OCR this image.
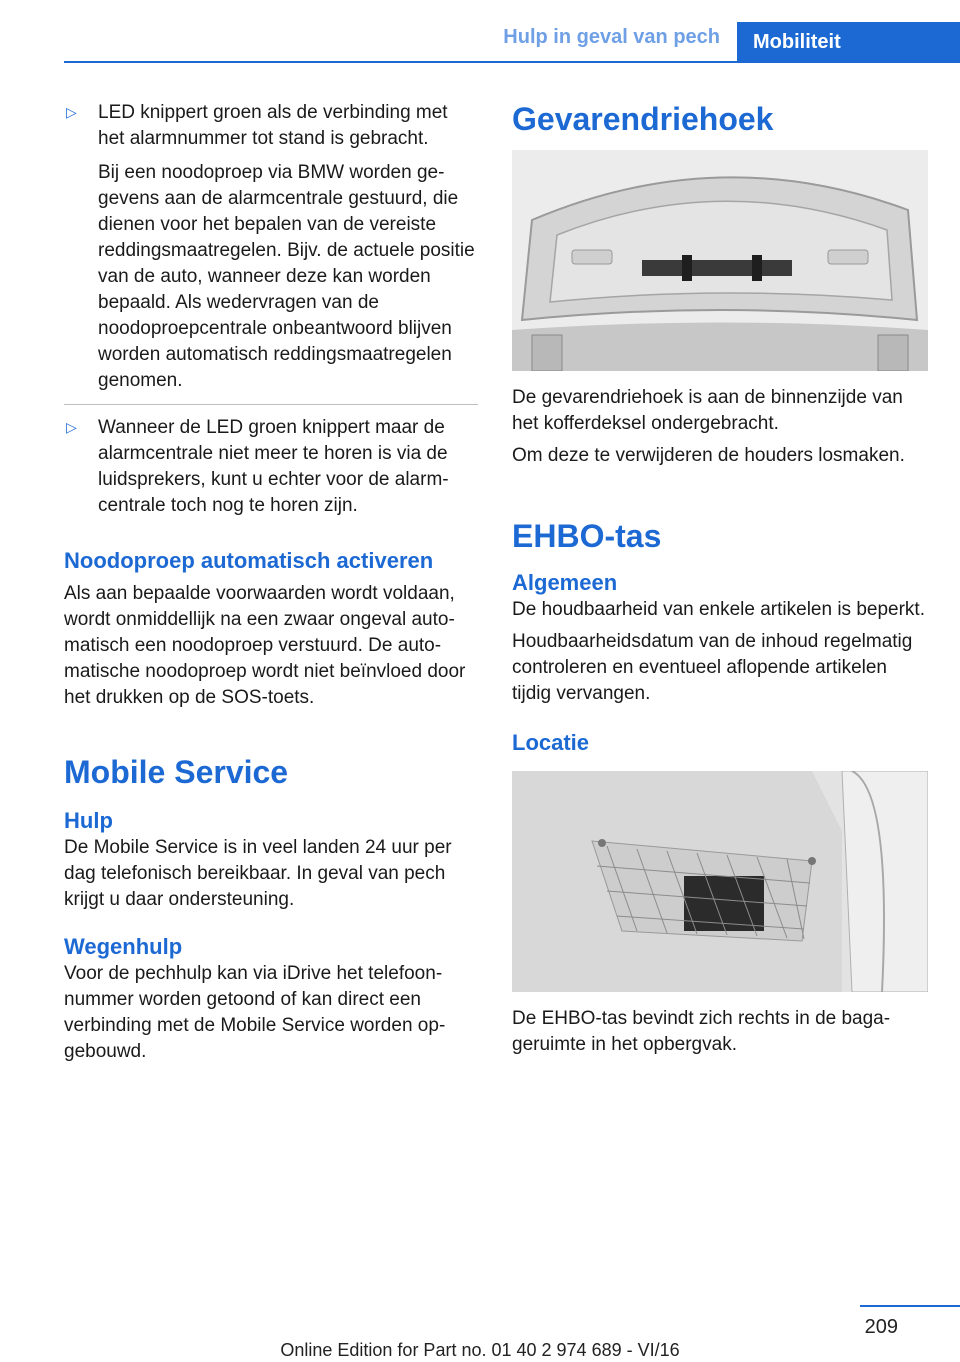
Hulp in geval van pech Mobiliteit
▷ LED knippert groen als de verbinding met het alarmnummer tot stand is gebracht.

Bij een noodoproep via BMW worden gegevens aan de alarmcentrale gestuurd, die dienen voor het bepalen van de vereiste reddingsmaatregelen. Bijv. de actuele positie van de auto, wanneer deze kan worden bepaald. Als wedervragen van de noodoproepcentrale onbeantwoord blijven worden automatisch reddingsmaatregelen genomen.

▷ Wanneer de LED groen knippert maar de alarmcentrale niet meer te horen is via de luidsprekers, kunt u echter voor de alarmcentrale toch nog te horen zijn.

Noodoproep automatisch activeren

Als aan bepaalde voorwaarden wordt voldaan, wordt onmiddellijk na een zwaar ongeval automatisch een noodoproep verstuurd. De automatische noodoproep wordt niet beïnvloed door het drukken op de SOS-toets.

Mobile Service

Hulp

De Mobile Service is in veel landen 24 uur per dag telefonisch bereikbaar. In geval van pech krijgt u daar ondersteuning.

Wegenhulp

Voor de pechhulp kan via iDrive het telefoonnummer worden getoond of kan direct een verbinding met de Mobile Service worden opgebouwd.

Gevarendriehoek

De gevarendriehoek is aan de binnenzijde van het kofferdeksel ondergebracht.

Om deze te verwijderen de houders losmaken.

EHBO-tas

Algemeen

De houdbaarheid van enkele artikelen is beperkt.

Houdbaarheidsdatum van de inhoud regelmatig controleren en eventueel aflopende artikelen tijdig vervangen.

Locatie

De EHBO-tas bevindt zich rechts in de bagageruimte in het opbergvak.

209
Online Edition for Part no. 01 40 2 974 689 - VI/16
